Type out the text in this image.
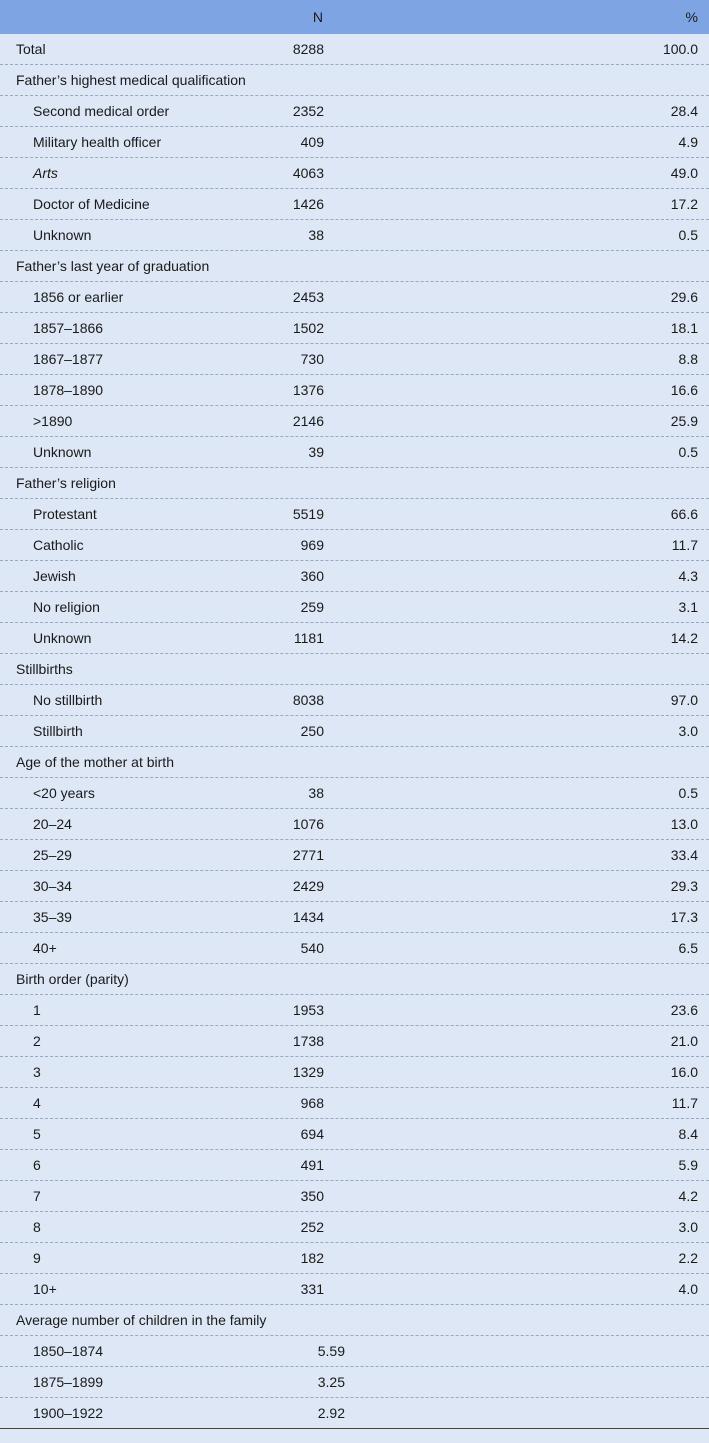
N	%
Total	8288	100.0
Father’s highest medical qualification
Second medical order	2352	28.4
Military health officer	409	4.9
Arts	4063	49.0
Doctor of Medicine	1426	17.2
Unknown	38	0.5
Father’s last year of graduation
1856 or earlier	2453	29.6
1857–1866	1502	18.1
1867–1877	730	8.8
1878–1890	1376	16.6
>1890	2146	25.9
Unknown	39	0.5
Father’s religion
Protestant	5519	66.6
Catholic	969	11.7
Jewish	360	4.3
No religion	259	3.1
Unknown	1181	14.2
Stillbirths
No stillbirth	8038	97.0
Stillbirth	250	3.0
Age of the mother at birth
<20 years	38	0.5
20–24	1076	13.0
25–29	2771	33.4
30–34	2429	29.3
35–39	1434	17.3
40+	540	6.5
Birth order (parity)
1	1953	23.6
2	1738	21.0
3	1329	16.0
4	968	11.7
5	694	8.4
6	491	5.9
7	350	4.2
8	252	3.0
9	182	2.2
10+	331	4.0
Average number of children in the family
1850–1874	5.59
1875–1899	3.25
1900–1922	2.92
